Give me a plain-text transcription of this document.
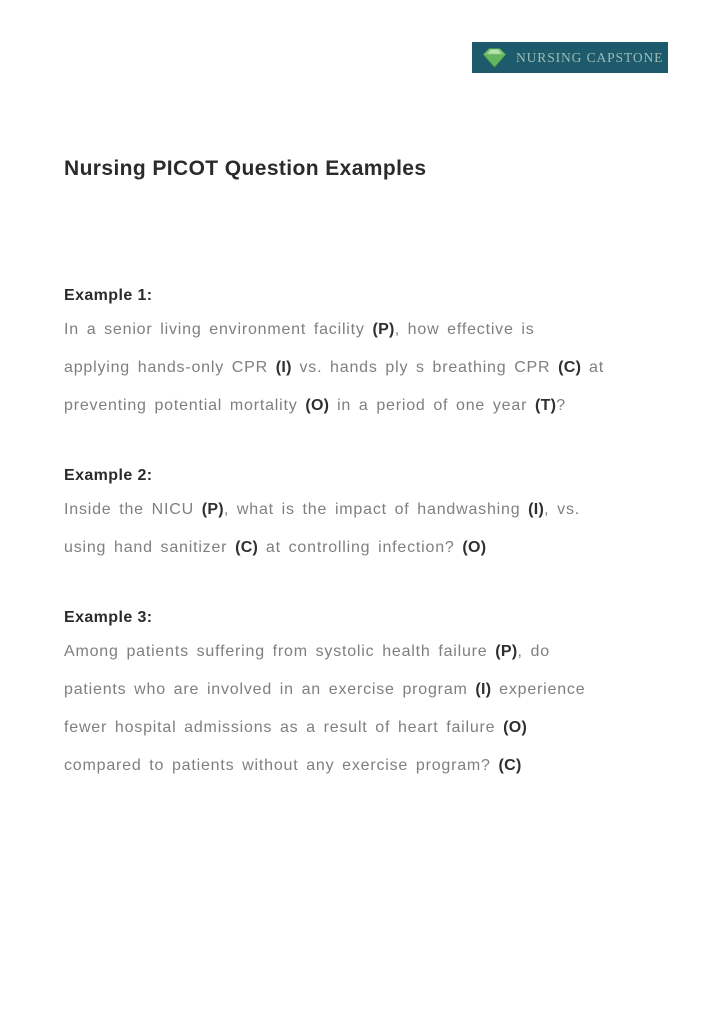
NURSING CAPSTONE
Nursing PICOT Question Examples
Example 1:
In a senior living environment facility (P), how effective is
applying hands-only CPR (I) vs. hands ply s breathing CPR (C) at
preventing potential mortality (O) in a period of one year (T)?
Example 2:
Inside the NICU (P), what is the impact of handwashing (I), vs.
using hand sanitizer (C) at controlling infection? (O)
Example 3:
Among patients suffering from systolic health failure (P), do
patients who are involved in an exercise program (I) experience
fewer hospital admissions as a result of heart failure (O)
compared to patients without any exercise program? (C)
